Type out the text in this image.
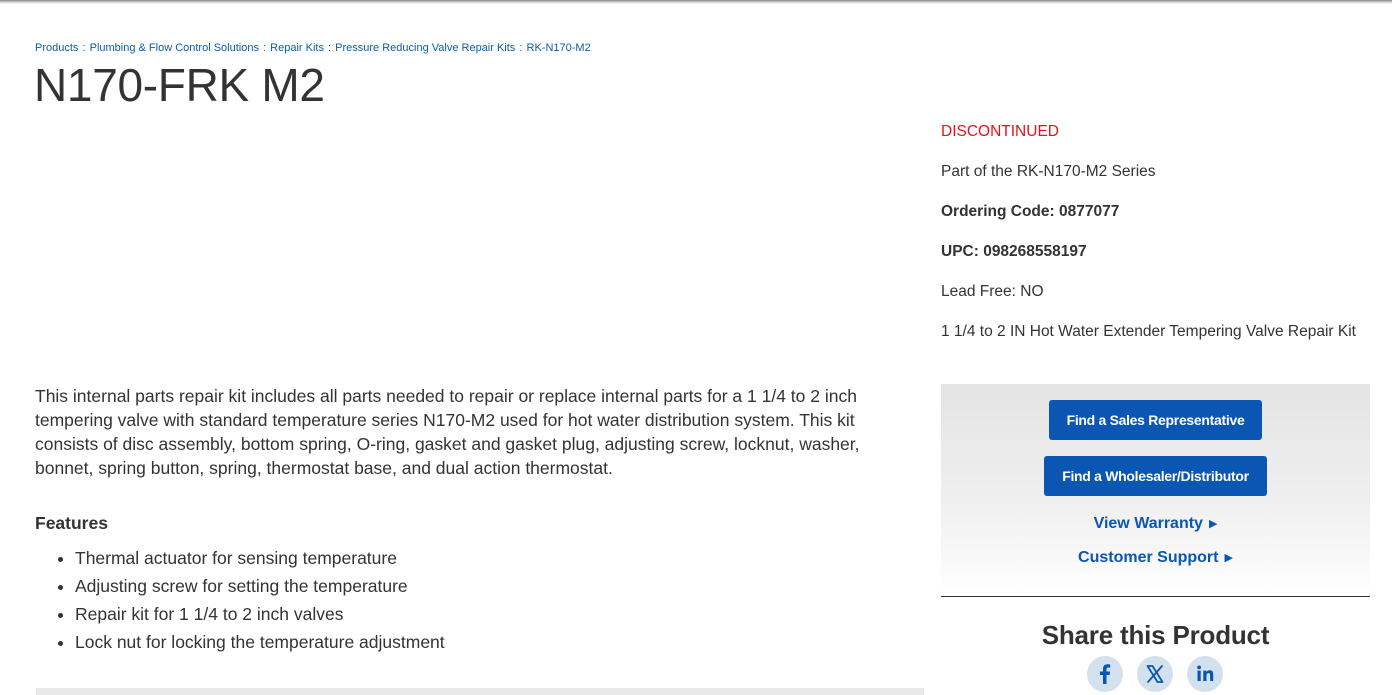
Products : Plumbing & Flow Control Solutions : Repair Kits : Pressure Reducing Valve Repair Kits : RK-N170-M2
N170-FRK M2

This internal parts repair kit includes all parts needed to repair or replace internal parts for a 1 1/4 to 2 inch tempering valve with standard temperature series N170-M2 used for hot water distribution system. This kit consists of disc assembly, bottom spring, O-ring, gasket and gasket plug, adjusting screw, locknut, washer, bonnet, spring button, spring, thermostat base, and dual action thermostat.

Features
• Thermal actuator for sensing temperature
• Adjusting screw for setting the temperature
• Repair kit for 1 1/4 to 2 inch valves
• Lock nut for locking the temperature adjustment
DISCONTINUED
Part of the RK-N170-M2 Series
Ordering Code: 0877077
UPC: 098268558197
Lead Free: NO
1 1/4 to 2 IN Hot Water Extender Tempering Valve Repair Kit
Find a Sales Representative
Find a Wholesaler/Distributor
View Warranty ▶
Customer Support ▶
Share this Product
